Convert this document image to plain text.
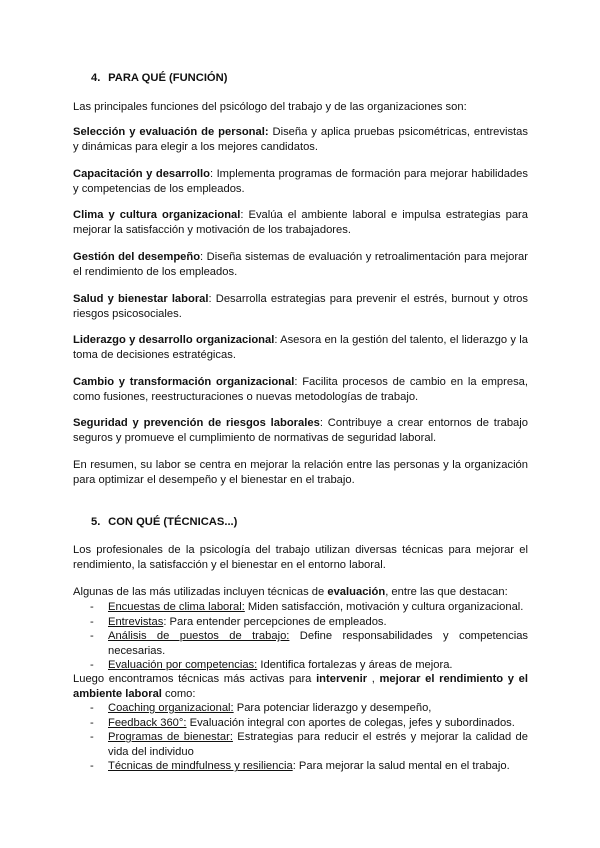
4. PARA QUÉ (FUNCIÓN)

Las principales funciones del psicólogo del trabajo y de las organizaciones son:

Selección y evaluación de personal: Diseña y aplica pruebas psicométricas, entrevistas y dinámicas para elegir a los mejores candidatos.

Capacitación y desarrollo: Implementa programas de formación para mejorar habilidades y competencias de los empleados.

Clima y cultura organizacional: Evalúa el ambiente laboral e impulsa estrategias para mejorar la satisfacción y motivación de los trabajadores.

Gestión del desempeño: Diseña sistemas de evaluación y retroalimentación para mejorar el rendimiento de los empleados.

Salud y bienestar laboral: Desarrolla estrategias para prevenir el estrés, burnout y otros riesgos psicosociales.

Liderazgo y desarrollo organizacional: Asesora en la gestión del talento, el liderazgo y la toma de decisiones estratégicas.

Cambio y transformación organizacional: Facilita procesos de cambio en la empresa, como fusiones, reestructuraciones o nuevas metodologías de trabajo.

Seguridad y prevención de riesgos laborales: Contribuye a crear entornos de trabajo seguros y promueve el cumplimiento de normativas de seguridad laboral.

En resumen, su labor se centra en mejorar la relación entre las personas y la organización para optimizar el desempeño y el bienestar en el trabajo.

5. CON QUÉ (TÉCNICAS...)

Los profesionales de la psicología del trabajo utilizan diversas técnicas para mejorar el rendimiento, la satisfacción y el bienestar en el entorno laboral.

Algunas de las más utilizadas incluyen técnicas de evaluación, entre las que destacan:

- Encuestas de clima laboral: Miden satisfacción, motivación y cultura organizacional.
- Entrevistas: Para entender percepciones de empleados.
- Análisis de puestos de trabajo: Define responsabilidades y competencias necesarias.
- Evaluación por competencias: Identifica fortalezas y áreas de mejora.

Luego encontramos técnicas más activas para intervenir , mejorar el rendimiento y el ambiente laboral como:

- Coaching organizacional: Para potenciar liderazgo y desempeño,
- Feedback 360°: Evaluación integral con aportes de colegas, jefes y subordinados.
- Programas de bienestar: Estrategias para reducir el estrés y mejorar la calidad de vida del individuo
- Técnicas de mindfulness y resiliencia: Para mejorar la salud mental en el trabajo.
